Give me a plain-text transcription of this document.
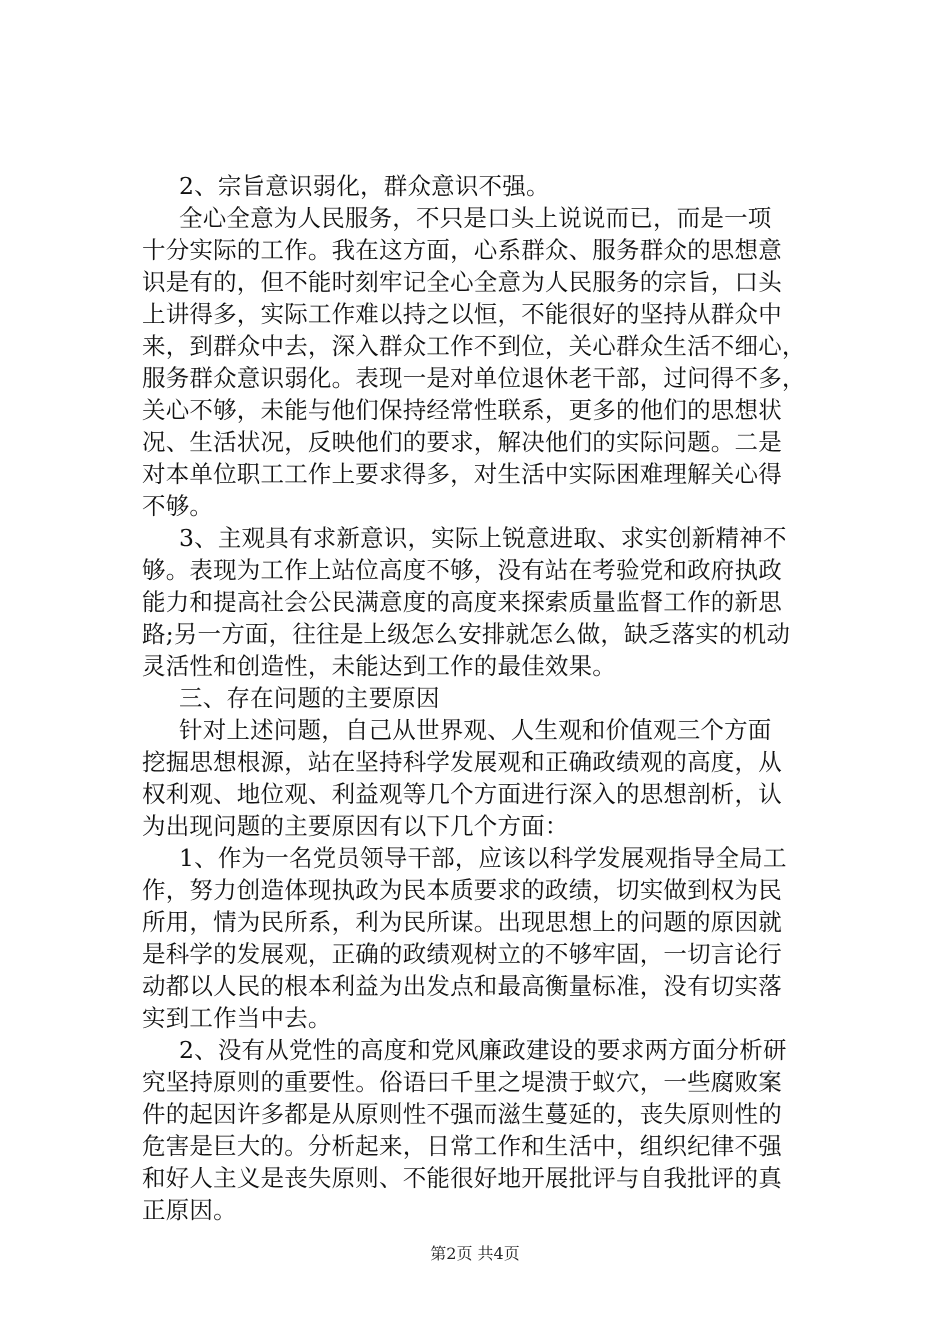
2、宗旨意识弱化，群众意识不强。
全心全意为人民服务，不只是口头上说说而已，而是一项
十分实际的工作。我在这方面，心系群众、服务群众的思想意
识是有的，但不能时刻牢记全心全意为人民服务的宗旨，口头
上讲得多，实际工作难以持之以恒，不能很好的坚持从群众中
来，到群众中去，深入群众工作不到位，关心群众生活不细心，
服务群众意识弱化。表现一是对单位退休老干部，过问得不多，
关心不够，未能与他们保持经常性联系，更多的他们的思想状
况、生活状况，反映他们的要求，解决他们的实际问题。二是
对本单位职工工作上要求得多，对生活中实际困难理解关心得
不够。
3、主观具有求新意识，实际上锐意进取、求实创新精神不
够。表现为工作上站位高度不够，没有站在考验党和政府执政
能力和提高社会公民满意度的高度来探索质量监督工作的新思
路;另一方面，往往是上级怎么安排就怎么做，缺乏落实的机动
灵活性和创造性，未能达到工作的最佳效果。
三、存在问题的主要原因
针对上述问题，自己从世界观、人生观和价值观三个方面
挖掘思想根源，站在坚持科学发展观和正确政绩观的高度，从
权利观、地位观、利益观等几个方面进行深入的思想剖析，认
为出现问题的主要原因有以下几个方面：
1、作为一名党员领导干部，应该以科学发展观指导全局工
作，努力创造体现执政为民本质要求的政绩，切实做到权为民
所用，情为民所系，利为民所谋。出现思想上的问题的原因就
是科学的发展观，正确的政绩观树立的不够牢固，一切言论行
动都以人民的根本利益为出发点和最高衡量标准，没有切实落
实到工作当中去。
2、没有从党性的高度和党风廉政建设的要求两方面分析研
究坚持原则的重要性。俗语曰千里之堤溃于蚁穴，一些腐败案
件的起因许多都是从原则性不强而滋生蔓延的，丧失原则性的
危害是巨大的。分析起来，日常工作和生活中，组织纪律不强
和好人主义是丧失原则、不能很好地开展批评与自我批评的真
正原因。
第2页 共4页
